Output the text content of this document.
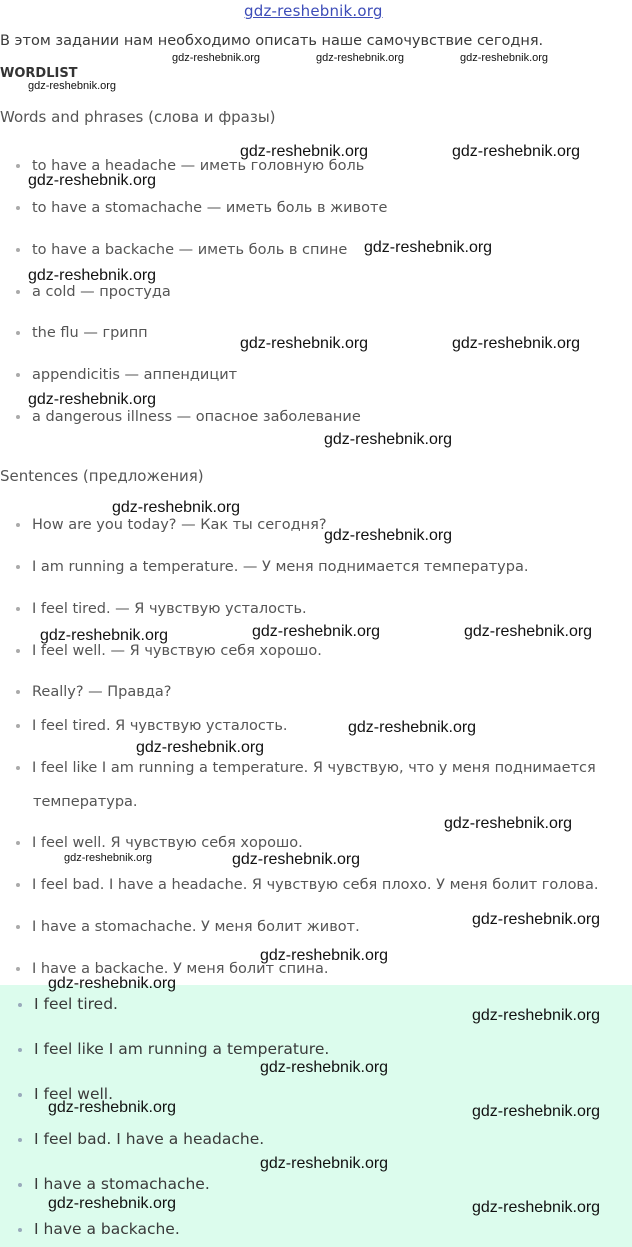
gdz-reshebnik.org
В этом задании нам необходимо описать наше самочувствие сегодня.
WORDLIST
Words and phrases (слова и фразы)
to have a headache — иметь головную боль
to have a stomachache — иметь боль в животе
to have a backache — иметь боль в спине
a cold — простуда
the flu — грипп
appendicitis — аппендицит
a dangerous illness — опасное заболевание
Sentences (предложения)
How are you today? — Как ты сегодня?
I am running a temperature. — У меня поднимается температура.
I feel tired. — Я чувствую усталость.
I feel well. — Я чувствую себя хорошо.
Really? — Правда?
I feel tired. Я чувствую усталость.
I feel like I am running a temperature. Я чувствую, что у меня поднимается
температура.
I feel well. Я чувствую себя хорошо.
I feel bad. I have a headache. Я чувствую себя плохо. У меня болит голова.
I have a stomachache. У меня болит живот.
I have a backache. У меня болит спина.
I feel tired.
I feel like I am running a temperature.
I feel well.
I feel bad. I have a headache.
I have a stomachache.
I have a backache.
gdz-reshebnik.org	gdz-reshebnik.org	gdz-reshebnik.org
gdz-reshebnik.org
gdz-reshebnik.org	gdz-reshebnik.org
gdz-reshebnik.org
gdz-reshebnik.org
gdz-reshebnik.org
gdz-reshebnik.org	gdz-reshebnik.org
gdz-reshebnik.org
gdz-reshebnik.org
gdz-reshebnik.org
gdz-reshebnik.org
gdz-reshebnik.org	gdz-reshebnik.org	gdz-reshebnik.org
gdz-reshebnik.org
gdz-reshebnik.org
gdz-reshebnik.org
gdz-reshebnik.org	gdz-reshebnik.org
gdz-reshebnik.org
gdz-reshebnik.org
gdz-reshebnik.org
gdz-reshebnik.org
gdz-reshebnik.org
gdz-reshebnik.org	gdz-reshebnik.org
gdz-reshebnik.org
gdz-reshebnik.org	gdz-reshebnik.org
